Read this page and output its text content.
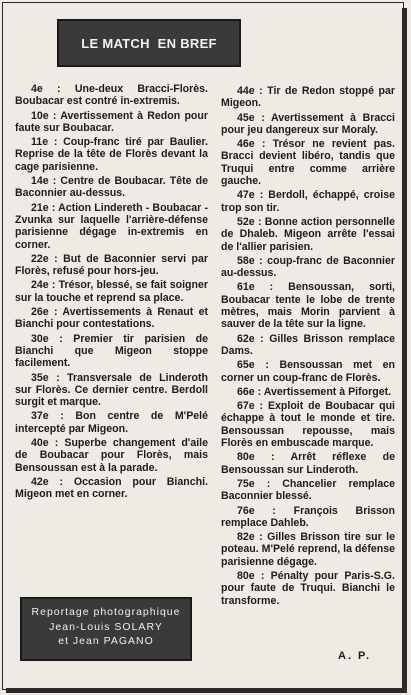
LE MATCH  EN BREF

4e : Une-deux Bracci-Florès. Boubacar est contré in-extremis.

10e : Avertissement à Redon pour faute sur Boubacar.

11e : Coup-franc tiré par Baulier. Reprise de la tête de Florès devant la cage parisienne.

14e : Centre de Boubacar. Tête de Baconnier au-dessus.

21e : Action Lindereth - Boubacar - Zvunka sur laquelle l'arrière-défense parisienne dégage in-extremis en corner.

22e : But de Baconnier servi par Florès, refusé pour hors-jeu.

24e : Trésor, blessé, se fait soigner sur la touche et reprend sa place.

26e : Avertissements à Renaut et Bianchi pour contestations.

30e : Premier tir parisien de Bianchi que Migeon stoppe facilement.

35e : Transversale de Linderoth sur Florès. Ce dernier centre. Berdoll surgit et marque.

37e : Bon centre de M'Pelé intercepté par Migeon.

40e : Superbe changement d'aile de Boubacar pour Florès, mais Bensoussan est à la parade.

42e : Occasion pour Bianchi. Migeon met en corner.

44e : Tir de Redon stoppé par Migeon.

45e : Avertissement à Bracci pour jeu dangereux sur Moraly.

46e : Trésor ne revient pas. Bracci devient libéro, tandis que Truqui entre comme arrière gauche.

47e : Berdoll, échappé, croise trop son tir.

52e : Bonne action personnelle de Dhaleb. Migeon arrête l'essai de l'allier parisien.

58e : coup-franc de Baconnier au-dessus.

61e : Bensoussan, sorti, Boubacar tente le lobe de trente mètres, mais Morin parvient à sauver de la tête sur la ligne.

62e : Gilles Brisson remplace Dams.

65e : Bensoussan met en corner un coup-franc de Florès.

66e : Avertissement à Piforget.

67e : Exploit de Boubacar qui échappe à tout le monde et tire. Bensoussan repousse, mais Florès en embuscade marque.

80e : Arrêt réflexe de Bensoussan sur Linderoth.

75e : Chancelier remplace Baconnier blessé.

76e : François Brisson remplace Dahleb.

82e : Gilles Brisson tire sur le poteau. M'Pelé reprend, la défense parisienne dégage.

80e : Pénalty pour Paris-S.G. pour faute de Truqui. Bianchi le transforme.

Reportage photographique
Jean-Louis SOLARY
et Jean PAGANO
A. P.
